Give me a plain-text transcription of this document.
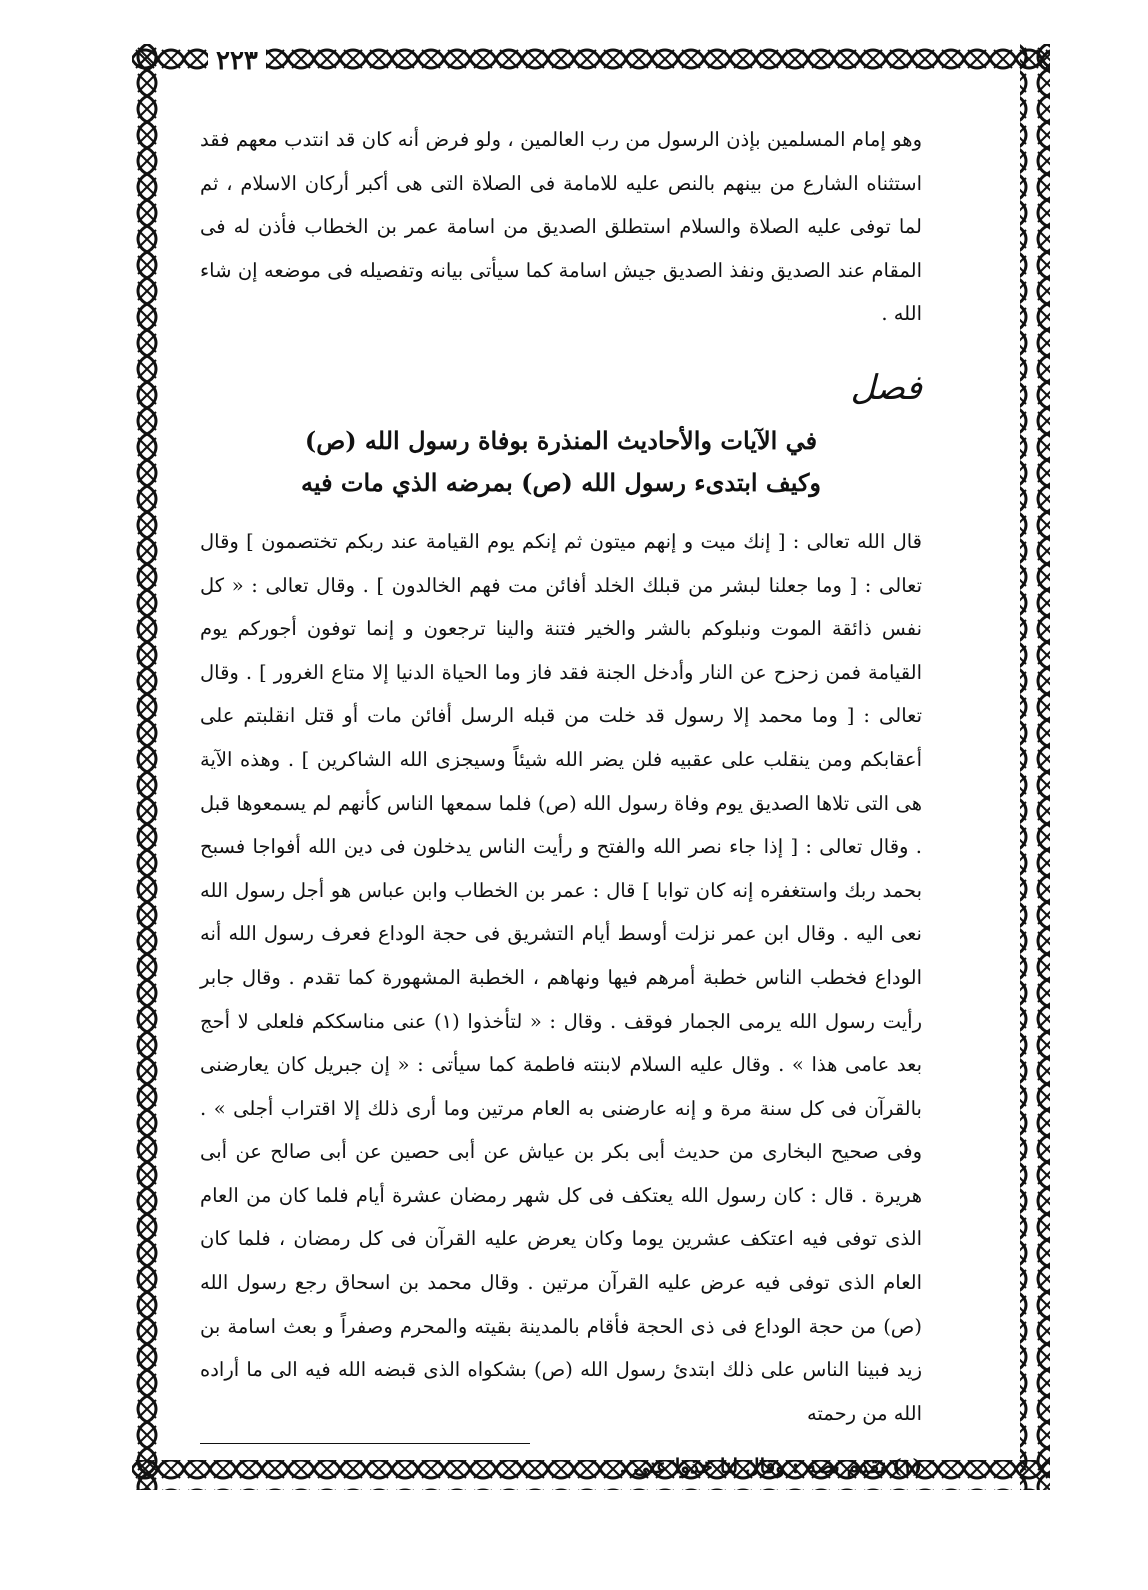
٢٢٣

وهو إمام المسلمين بإذن الرسول من رب العالمين ، ولو فرض أنه كان قد انتدب معهم فقد استثناه الشارع من بينهم بالنص عليه للامامة فى الصلاة التى هى أكبر أركان الاسلام ، ثم لما توفى عليه الصلاة والسلام استطلق الصديق من اسامة عمر بن الخطاب فأذن له فى المقام عند الصديق ونفذ الصديق جيش اسامة كما سيأتى بيانه وتفصيله فى موضعه إن شاء الله .

فصل
في الآيات والأحاديث المنذرة بوفاة رسول الله (ص)
وكيف ابتدىء رسول الله (ص) بمرضه الذي مات فيه

قال الله تعالى : [ إنك ميت و إنهم ميتون ثم إنكم يوم القيامة عند ربكم تختصمون ] وقال تعالى : [ وما جعلنا لبشر من قبلك الخلد أفائن مت فهم الخالدون ] . وقال تعالى : « كل نفس ذائقة الموت ونبلوكم بالشر والخير فتنة والينا ترجعون و إنما توفون أجوركم يوم القيامة فمن زحزح عن النار وأدخل الجنة فقد فاز وما الحياة الدنيا إلا متاع الغرور ] . وقال تعالى : [ وما محمد إلا رسول قد خلت من قبله الرسل أفائن مات أو قتل انقلبتم على أعقابكم ومن ينقلب على عقبيه فلن يضر الله شيئاً وسيجزى الله الشاكرين ] . وهذه الآية هى التى تلاها الصديق يوم وفاة رسول الله (ص) فلما سمعها الناس كأنهم لم يسمعوها قبل . وقال تعالى : [ إذا جاء نصر الله والفتح و رأيت الناس يدخلون فى دين الله أفواجا فسبح بحمد ربك واستغفره إنه كان توابا ] قال : عمر بن الخطاب وابن عباس هو أجل رسول الله نعى اليه . وقال ابن عمر نزلت أوسط أيام التشريق فى حجة الوداع فعرف رسول الله أنه الوداع فخطب الناس خطبة أمرهم فيها ونهاهم ، الخطبة المشهورة كما تقدم . وقال جابر رأيت رسول الله يرمى الجمار فوقف . وقال : « لتأخذوا (١) عنى مناسككم فلعلى لا أحج بعد عامى هذا » . وقال عليه السلام لابنته فاطمة كما سيأتى : « إن جبريل كان يعارضنى بالقرآن فى كل سنة مرة و إنه عارضنى به العام مرتين وما أرى ذلك إلا اقتراب أجلى » . وفى صحيح البخارى من حديث أبى بكر بن عياش عن أبى حصين عن أبى صالح عن أبى هريرة . قال : كان رسول الله يعتكف فى كل شهر رمضان عشرة أيام فلما كان من العام الذى توفى فيه اعتكف عشرين يوما وكان يعرض عليه القرآن فى كل رمضان ، فلما كان العام الذى توفى فيه عرض عليه القرآن مرتين . وقال محمد بن اسحاق رجع رسول الله (ص) من حجة الوداع فى ذى الحجة فأقام بالمدينة بقيته والمحرم وصفراً و بعث اسامة بن زيد فبينا الناس على ذلك ابتدئ رسول الله (ص) بشكواه الذى قبضه الله فيه الى ما أراده الله من رحمته

(١) تقدم نصه : وقال لنا خذوا عنى .
